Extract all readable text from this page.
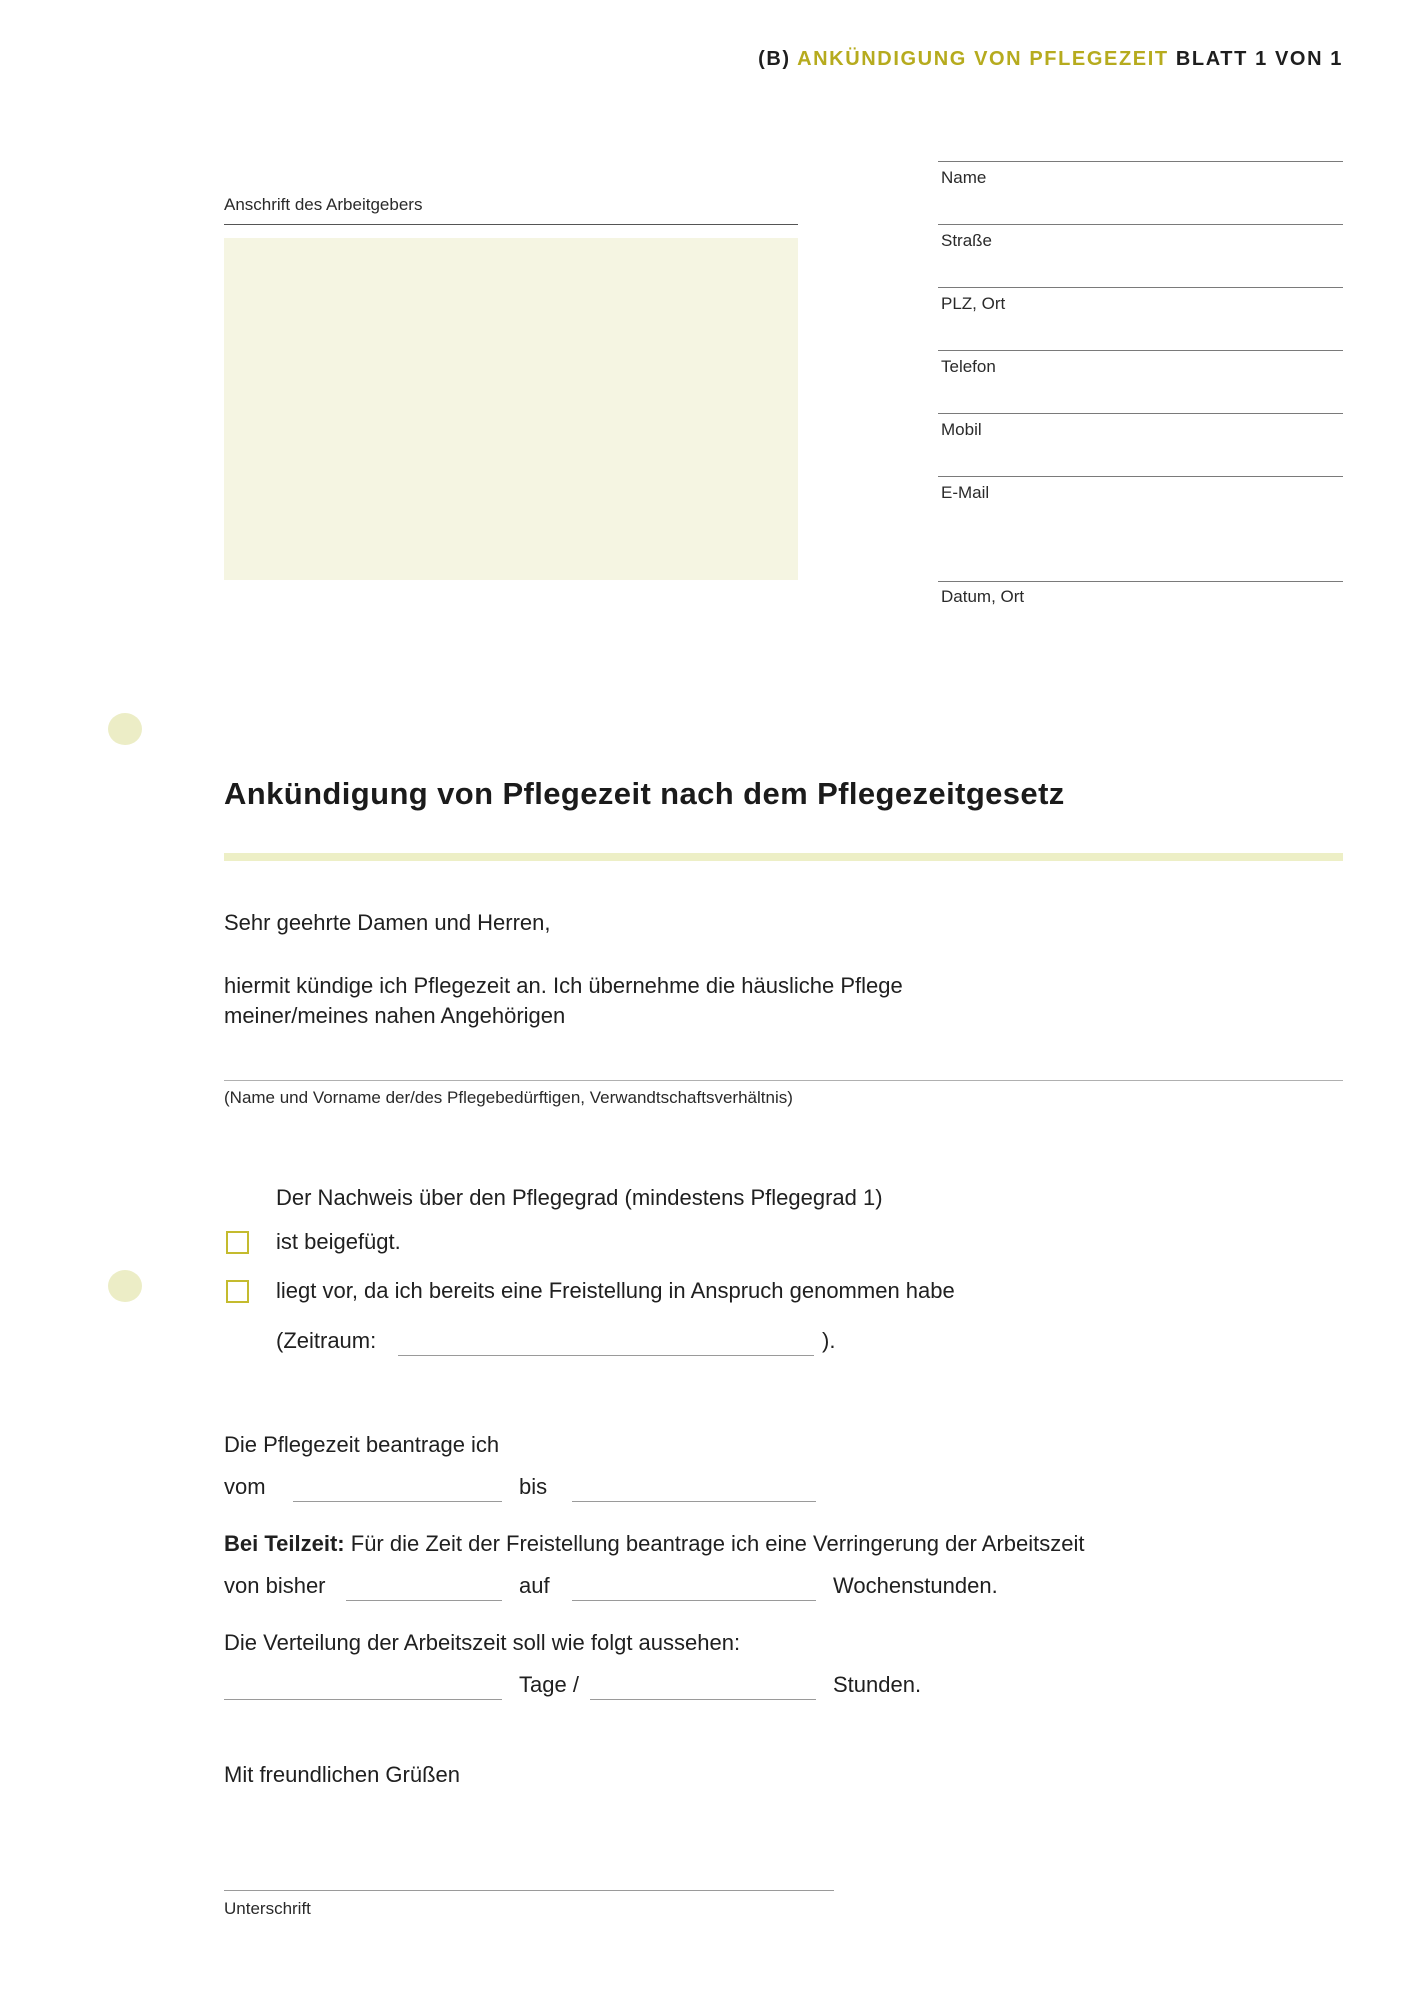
(B) ANKÜNDIGUNG VON PFLEGEZEIT BLATT 1 VON 1
Anschrift des Arbeitgebers
Name
Straße
PLZ, Ort
Telefon
Mobil
E-Mail
Datum, Ort
Ankündigung von Pflegezeit nach dem Pflegezeitgesetz
Sehr geehrte Damen und Herren,
hiermit kündige ich Pflegezeit an. Ich übernehme die häusliche Pflege
meiner/meines nahen Angehörigen
(Name und Vorname der/des Pflegebedürftigen, Verwandtschaftsverhältnis)
Der Nachweis über den Pflegegrad (mindestens Pflegegrad 1)
ist beigefügt.
liegt vor, da ich bereits eine Freistellung in Anspruch genommen habe
(Zeitraum:	).
Die Pflegezeit beantrage ich
vom	bis
Bei Teilzeit: Für die Zeit der Freistellung beantrage ich eine Verringerung der Arbeitszeit
von bisher	auf	Wochenstunden.
Die Verteilung der Arbeitszeit soll wie folgt aussehen:
Tage /	Stunden.
Mit freundlichen Grüßen
Unterschrift
